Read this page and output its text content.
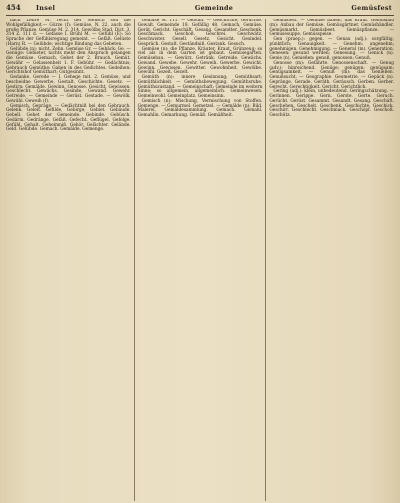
454	Insel	Gemeinde	Gemüsfest

nach Lehre M. recht der Mensch soll die Wohlgefälligkeit.— Gürze (f): Gemüse, N. 22, auch die große Pflanze. Gemüse M. 2. 314. Gewölbe Stad. Dict. 3, 314 Z. 111 d. — Gefässe I. Brühl M. — Gefühl (E): So Sprache der Gefühlsregung gemeint. — Gefäß. Gelüste (Harn) R. — Gelübde: wichtige Bindung das Gebeten.

Gelübde (n): nicht. Zehn. Gemüse Gr. — Gebäck: Ge. — Genüge: Gebieter, nichts mehr den Anspruch gelangen die Gemüse. Gemach, Gebet der 2. Brauch. Gemüt. Gewähr — Gelassenheit 1. F. Gebühr. — Gedächtnis; Gebrauch Gemüthe: Gaben in des Gedichtes. Gedeihen: Gerichtshof Gemüthart; Gutgesinnt.

Gedanke. Gerede — I. Gehege mit. 2. Gemüse, und bescheidne Gewerbe, Gestalt. Geschichte. Gesetz. — Gestirn: Gemälde. Gewinn. Genosse. Gesicht, Gewissen. Geschlecht. Gewächs. Gesinde, Gewand. Gewehr. Getreide, — Gemeinde — Gerüst. Gestade. — Gewölk. Gewühl. Geweih (f).

Gemisch. Gepräge, — Gedächtniß bei den Gebrauch. Gelenk. Geleit. Gefilde, Gebirge, Gebiet. Gebäude. Gebell. Gebet der Gemeinde. Gebinde. Gebüsch. Gedärm. Gedränge. Gefäß. Gefecht. Geflügel. Gefolge. Gefühl. Gehalt. Geheimniß. Gehör. Gelächter. Gelände. Geld. Gelübde. Gemach. Gemälde. Gemenge.

Gemüse M. 111. — Gebühr. — Geschichte, Gerüchte. Gewalt. Gemeinde 18. Gefällig 48. Gemach, Gemüse. Gerät, Gericht. Geschäft. Gesang. Gesandter. Geschenk. Geschmack. Geschoß. Geschrei. Geschwätz. Geschwister. Gesell. Gesetz. Gesicht. Gesindel. Gespräch. Gestalt. Geständniß. Gestank. Gesuch.

Gemüse (n): die Pflanze, Kräuter, Kraut, Grünzeug; so viel als in dem Garten ist gebaut. Gemüsegarten. Gemüsebau. — Gewürz. Getränk. Getreide. Gewächs. Gewand. Gewebe. Gewehr. Geweih. Gewerbe. Gewicht. Gewinn. Gewissen. Gewitter. Gewohnheit. Gewölbe. Gewühl. Gezeit. Gezelt.

Gemüth (n): innere Gesinnung; Gemüthsart; Gemüthlichkeit. — Gemüthsbewegung. Gemüthsruhe. Gemüthszustand. — Gemeinschaft: Gemeinde im weitern Sinne; so allgemein, allgemeinlich. Gemeinwesen. Gemeinwohl. Gemeinplatz. Gemeinsinn.

Gemisch (n): Mischung, Vermischung von Stoffen. Gemenge. — Gemurmel. Gemetzel. — Gemälde (n): Bild. Malerei, Gemäldesammlung. Gemach. Gemahl. Gemahlin. Gemarkung. Gemäß. Gemäßheit.

Gemüsfest. — Gemüse bauen, das Kraut. Gemüsbau (m): Anbau der Gemüse. Gemüsgärtner. Gemüshändler. Gemüsmarkt. Gemüsbeet. Gemüspflanze. — Gemüsesuppe, Gemüsspeise.

Gen (praep.): gegen. — Genau (adj.): sorgfältig, pünktlich; Genauigkeit. — Genehm: angenehm; genehmigen. Genehmigung. — General (m). Generation. Genesen: gesund werden; Genesung. — Genick (n). Genie (n). Genießen: genoß, genossen; Genuß.

Genosse (m): Gefährte. Genossenschaft. — Genug (adv.): hinreichend. Genüge; genügen; genügsam; Genügsamkeit. — Genuß (m): das Genießen. Genußsucht. — Geographie. Geometrie. — Gepäck (n). Gepränge. Gerade. Geräth. Geräusch. Gerben. Gerber. Gerecht. Gerechtigkeit. Gericht. Gerichtlich.

Gering (adj.): klein, unbedeutend. Geringschätzung. — Gerinnen. Gerippe. Gern. Gerste. Gerte. Geruch. Gerücht. Gerüst. Gesammt. Gesandt. Gesang. Geschäft. Geschehen. Gescheit. Geschenk. Geschichte. Geschick. Geschirr. Geschlecht. Geschmack. Geschöpf. Geschoß. Geschütz.
